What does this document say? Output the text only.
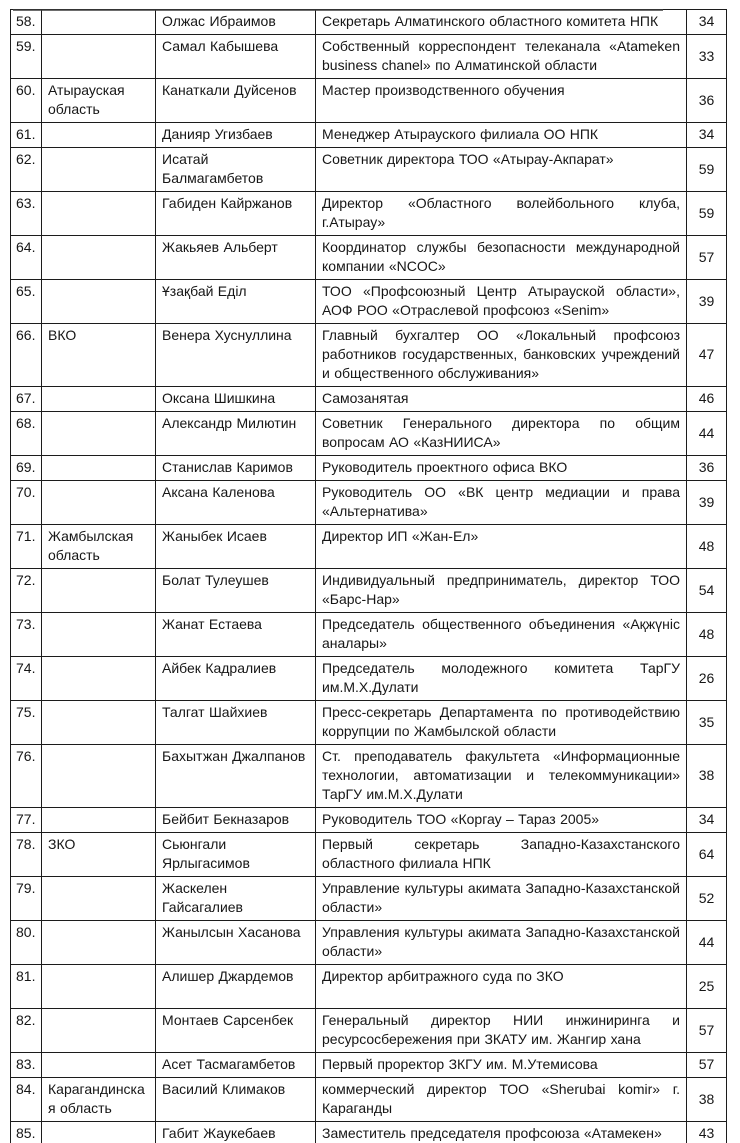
58.		Олжас Ибраимов	Секретарь Алматинского областного комитета НПК	34
59.		Самал Кабышева	Собственный корреспондент телеканала «Atameken business chanel» по Алматинской области	33
60.	Атырауская область	Канаткали Дуйсенов	Мастер производственного обучения	36
61.		Данияр Угизбаев	Менеджер Атырауского филиала ОО НПК	34
62.		Исатай Балмагамбетов	Советник директора ТОО «Атырау-Акпарат»	59
63.		Габиден Кайржанов	Директор «Областного волейбольного клуба, г.Атырау»	59
64.		Жакьяев Альберт	Координатор службы безопасности международной компании «NCOC»	57
65.		Ұзақбай Еділ	ТОО «Профсоюзный Центр Атырауской области», АОФ РОО «Отраслевой профсоюз «Senim»	39
66.	ВКО	Венера Хуснуллина	Главный бухгалтер ОО «Локальный профсоюз работников государственных, банковских учреждений и общественного обслуживания»	47
67.		Оксана Шишкина	Самозанятая	46
68.		Александр Милютин	Советник Генерального директора по общим вопросам АО «КазНИИСА»	44
69.		Станислав Каримов	Руководитель проектного офиса ВКО	36
70.		Аксана Каленова	Руководитель ОО «ВК центр медиации и права «Альтернатива»	39
71.	Жамбылская область	Жаныбек Исаев	Директор ИП «Жан-Ел»	48
72.		Болат Тулеушев	Индивидуальный предприниматель, директор ТОО «Барс-Нар»	54
73.		Жанат Естаева	Председатель общественного объединения «Ақжүніс аналары»	48
74.		Айбек Кадралиев	Председатель молодежного комитета ТарГУ им.М.Х.Дулати	26
75.		Талгат Шайхиев	Пресс-секретарь Департамента по противодействию коррупции по Жамбылской области	35
76.		Бахытжан Джалпанов	Ст. преподаватель факультета «Информационные технологии, автоматизации и телекоммуникации» ТарГУ им.М.Х.Дулати	38
77.		Бейбит Бекназаров	Руководитель ТОО «Коргау – Тараз 2005»	34
78.	ЗКО	Сьюнгали Ярлыгасимов	Первый секретарь Западно-Казахстанского областного филиала НПК	64
79.		Жаскелен Гайсагалиев	Управление культуры акимата Западно-Казахстанской области»	52
80.		Жанылсын Хасанова	Управления культуры акимата Западно-Казахстанской области»	44
81.		Алишер Джардемов	Директор арбитражного суда по ЗКО	25
82.		Монтаев Сарсенбек	Генеральный директор НИИ инжиниринга и ресурсосбережения при ЗКАТУ им. Жангир хана	57
83.		Асет Тасмагамбетов	Первый проректор ЗКГУ им. М.Утемисова	57
84.	Карагандинская область	Василий Климаков	коммерческий директор ТОО «Sherubai komir» г. Караганды	38
85.		Габит Жаукебаев	Заместитель председателя профсоюза «Атамекен»	43
